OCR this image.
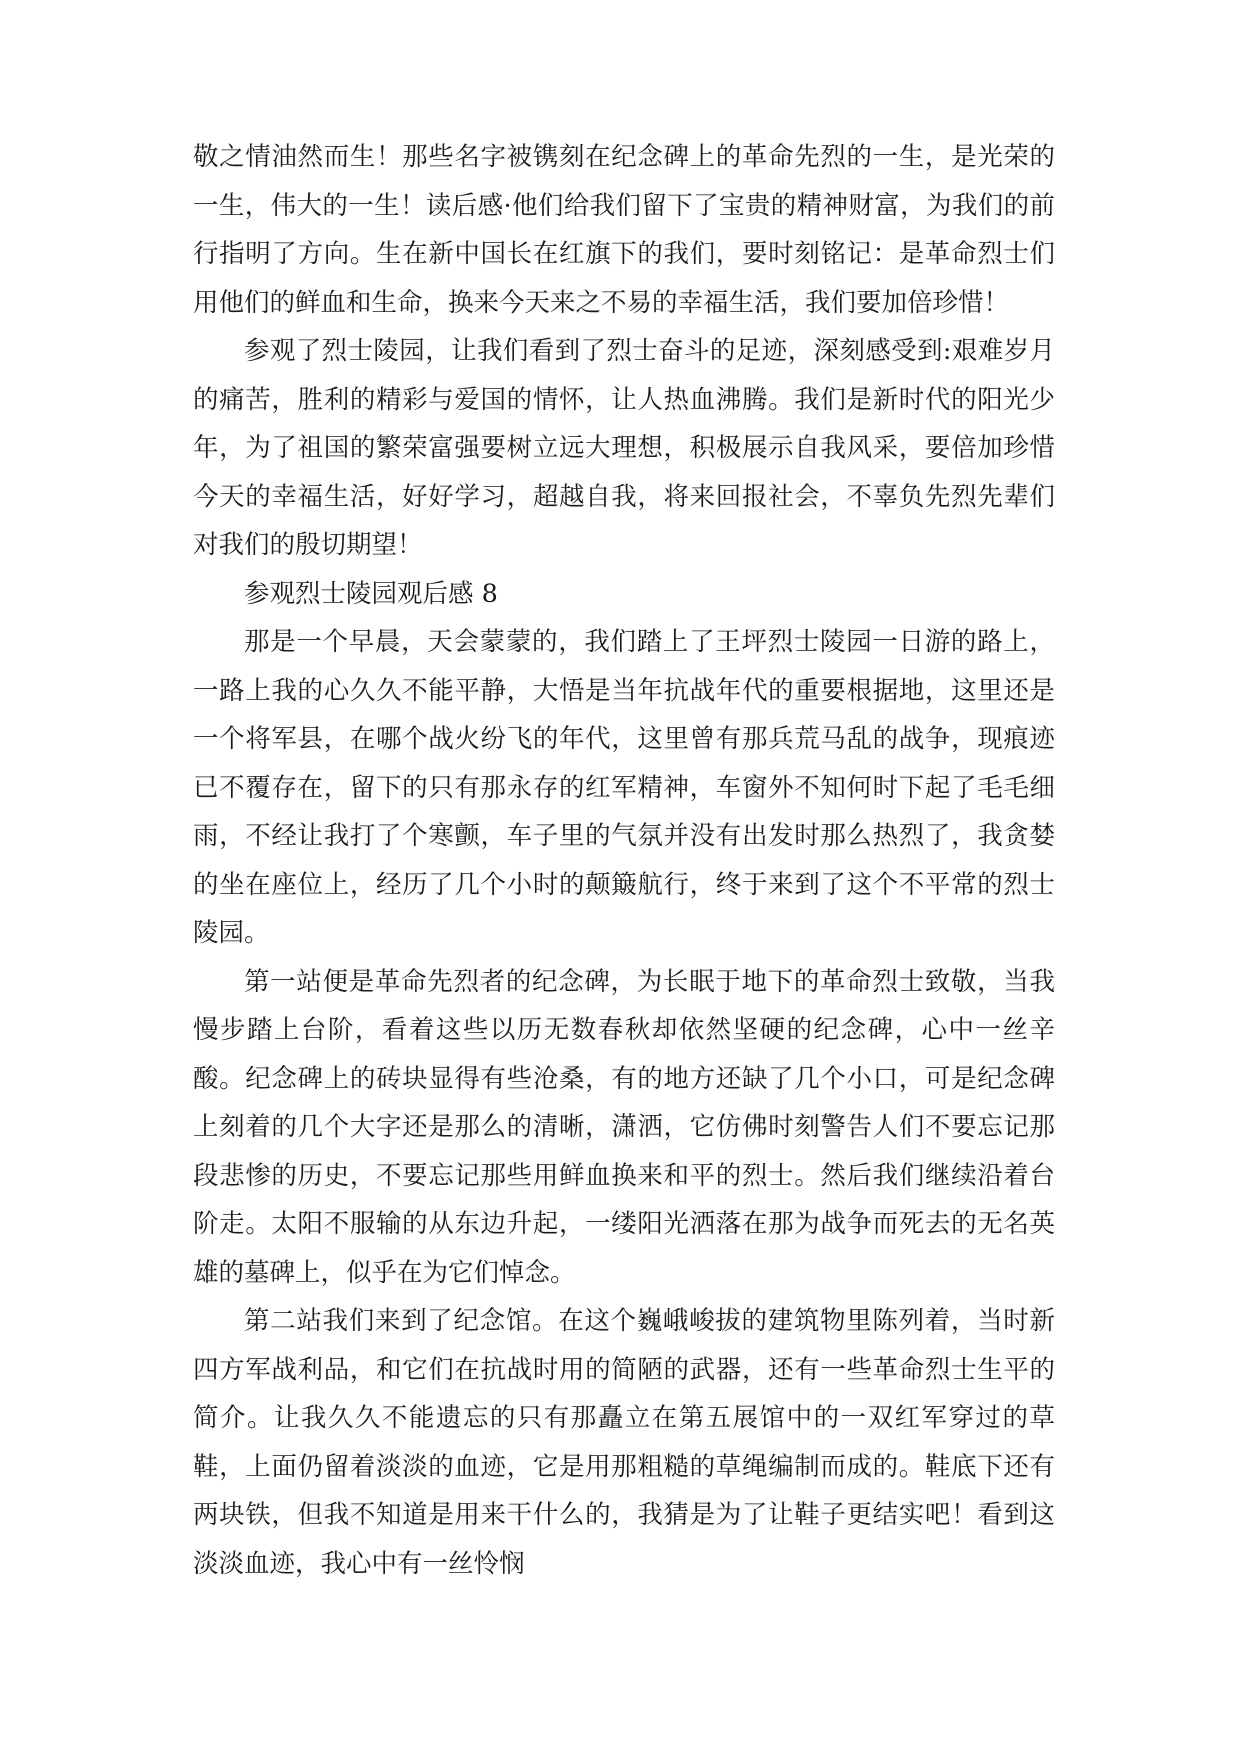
敬之情油然而生！那些名字被镌刻在纪念碑上的革命先烈的一生，是光荣的一生，伟大的一生！读后感·他们给我们留下了宝贵的精神财富，为我们的前行指明了方向。生在新中国长在红旗下的我们，要时刻铭记：是革命烈士们用他们的鲜血和生命，换来今天来之不易的幸福生活，我们要加倍珍惜！

参观了烈士陵园，让我们看到了烈士奋斗的足迹，深刻感受到:艰难岁月的痛苦，胜利的精彩与爱国的情怀，让人热血沸腾。我们是新时代的阳光少年，为了祖国的繁荣富强要树立远大理想，积极展示自我风采，要倍加珍惜今天的幸福生活，好好学习，超越自我，将来回报社会，不辜负先烈先辈们对我们的殷切期望！

参观烈士陵园观后感 8

那是一个早晨，天会蒙蒙的，我们踏上了王坪烈士陵园一日游的路上，一路上我的心久久不能平静，大悟是当年抗战年代的重要根据地，这里还是一个将军县，在哪个战火纷飞的年代，这里曾有那兵荒马乱的战争，现痕迹已不覆存在，留下的只有那永存的红军精神，车窗外不知何时下起了毛毛细雨，不经让我打了个寒颤，车子里的气氛并没有出发时那么热烈了，我贪婪的坐在座位上，经历了几个小时的颠簸航行，终于来到了这个不平常的烈士陵园。

第一站便是革命先烈者的纪念碑，为长眠于地下的革命烈士致敬，当我慢步踏上台阶，看着这些以历无数春秋却依然坚硬的纪念碑，心中一丝辛酸。纪念碑上的砖块显得有些沧桑，有的地方还缺了几个小口，可是纪念碑上刻着的几个大字还是那么的清晰，潇洒，它仿佛时刻警告人们不要忘记那段悲惨的历史，不要忘记那些用鲜血换来和平的烈士。然后我们继续沿着台阶走。太阳不服输的从东边升起，一缕阳光洒落在那为战争而死去的无名英雄的墓碑上，似乎在为它们悼念。

第二站我们来到了纪念馆。在这个巍峨峻拔的建筑物里陈列着，当时新四方军战利品，和它们在抗战时用的简陋的武器，还有一些革命烈士生平的简介。让我久久不能遗忘的只有那矗立在第五展馆中的一双红军穿过的草鞋，上面仍留着淡淡的血迹，它是用那粗糙的草绳编制而成的。鞋底下还有两块铁，但我不知道是用来干什么的，我猜是为了让鞋子更结实吧！看到这淡淡血迹，我心中有一丝怜悯
